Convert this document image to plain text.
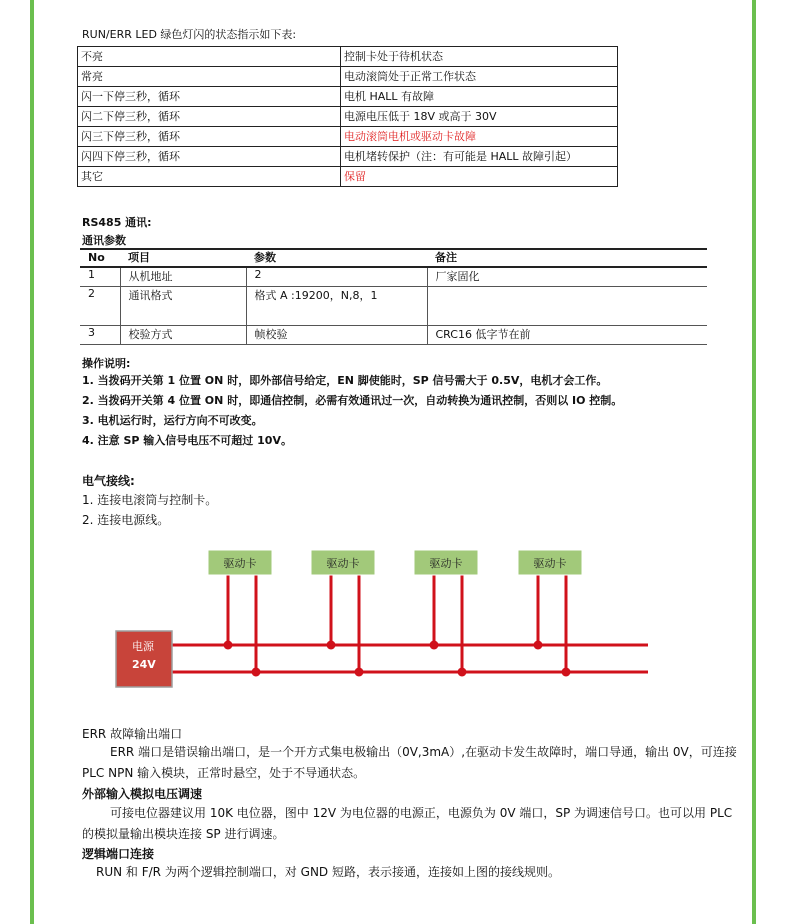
RUN/ERR LED 绿色灯闪的状态指示如下表:
不亮	控制卡处于待机状态
常亮	电动滚筒处于正常工作状态
闪一下停三秒，循环	电机 HALL 有故障
闪二下停三秒，循环	电源电压低于 18V 或高于 30V
闪三下停三秒，循环	电动滚筒电机或驱动卡故障
闪四下停三秒，循环	电机堵转保护（注：有可能是 HALL 故障引起）
其它	保留
RS485 通讯:
通讯参数
No	项目	参数	备注
1	从机地址	2	厂家固化
2	通讯格式	格式 A :19200，N,8，1	
3	校验方式	帧校验	CRC16 低字节在前
操作说明:
1. 当拨码开关第 1 位置 ON 时，即外部信号给定，EN 脚使能时，SP 信号需大于 0.5V，电机才会工作。
2. 当拨码开关第 4 位置 ON 时，即通信控制，必需有效通讯过一次，自动转换为通讯控制，否则以 IO 控制。
3. 电机运行时，运行方向不可改变。
4. 注意 SP 输入信号电压不可超过 10V。
电气接线:
1. 连接电滚筒与控制卡。
2. 连接电源线。
驱动卡	驱动卡	驱动卡	驱动卡
电源
24V
ERR 故障输出端口
ERR 端口是错误输出端口，是一个开方式集电极输出（0V,3mA）,在驱动卡发生故障时，端口导通，输出 0V，可连接 PLC NPN 输入模块，正常时悬空，处于不导通状态。
外部输入模拟电压调速
可接电位器建议用 10K 电位器，图中 12V 为电位器的电源正，电源负为 0V 端口，SP 为调速信号口。也可以用 PLC 的模拟量输出模块连接 SP 进行调速。
逻辑端口连接
RUN 和 F/R 为两个逻辑控制端口，对 GND 短路，表示接通，连接如上图的接线规则。
